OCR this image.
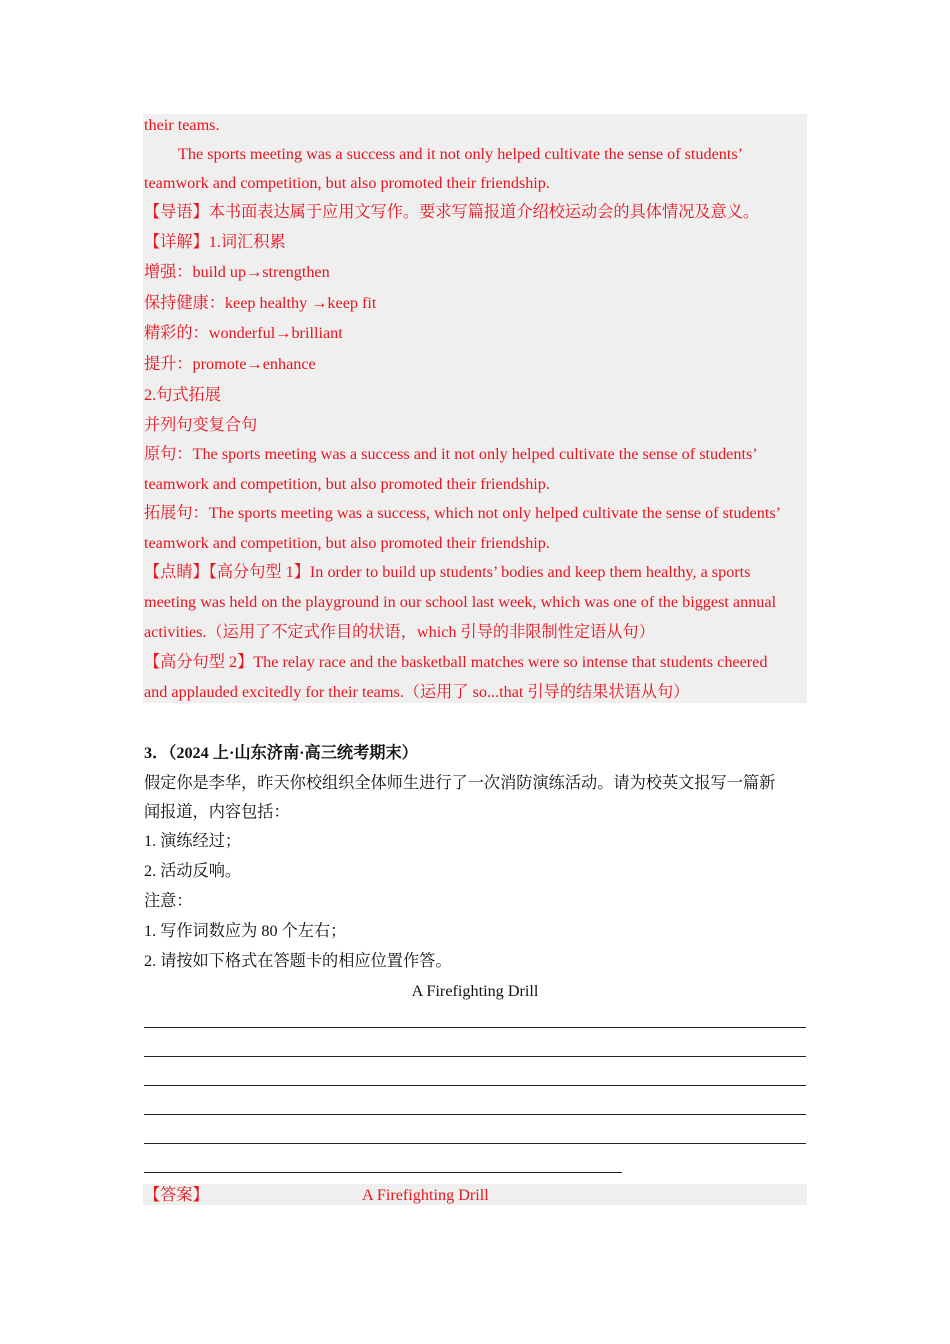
their teams.
The sports meeting was a success and it not only helped cultivate the sense of students’
teamwork and competition, but also promoted their friendship.
【导语】本书面表达属于应用文写作。要求写篇报道介绍校运动会的具体情况及意义。
【详解】1.词汇积累
增强：build up→strengthen
保持健康：keep healthy →keep fit
精彩的：wonderful→brilliant
提升：promote→enhance
2.句式拓展
并列句变复合句
原句：The sports meeting was a success and it not only helped cultivate the sense of students’
teamwork and competition, but also promoted their friendship.
拓展句：The sports meeting was a success, which not only helped cultivate the sense of students’
teamwork and competition, but also promoted their friendship.
【点睛】【高分句型 1】In order to build up students’ bodies and keep them healthy, a sports
meeting was held on the playground in our school last week, which was one of the biggest annual
activities.（运用了不定式作目的状语，which 引导的非限制性定语从句）
【高分句型 2】The relay race and the basketball matches were so intense that students cheered
and applauded excitedly for their teams.（运用了 so...that 引导的结果状语从句）
3．（2024 上·山东济南·高三统考期末）
假定你是李华，昨天你校组织全体师生进行了一次消防演练活动。请为校英文报写一篇新
闻报道，内容包括：
1. 演练经过；
2. 活动反响。
注意：
1. 写作词数应为 80 个左右；
2. 请按如下格式在答题卡的相应位置作答。
A Firefighting Drill
【答案】	A Firefighting Drill
